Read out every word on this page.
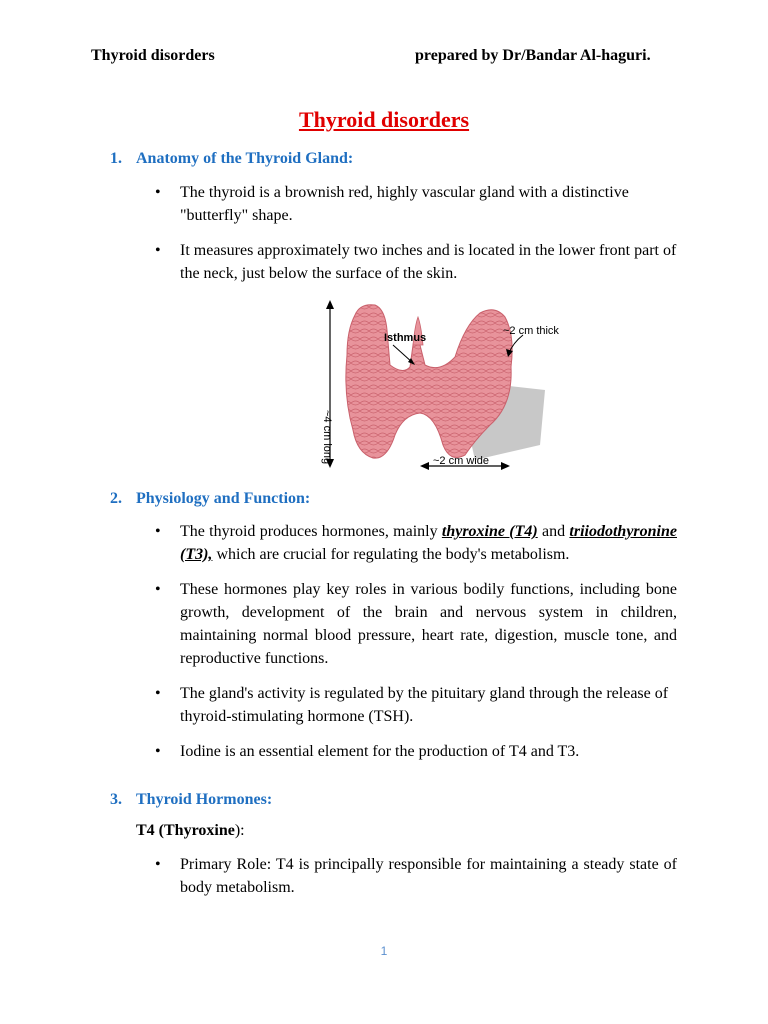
Thyroid disorders	prepared by Dr/Bandar Al-haguri.
Thyroid disorders
1. Anatomy of the Thyroid Gland:
• The thyroid is a brownish red, highly vascular gland with a distinctive "butterfly" shape.
• It measures approximately two inches and is located in the lower front part of the neck, just below the surface of the skin.
Isthmus
~2 cm thick
~2 cm wide
~4 cm long
2. Physiology and Function:
• The thyroid produces hormones, mainly thyroxine (T4) and triiodothyronine (T3), which are crucial for regulating the body's metabolism.
• These hormones play key roles in various bodily functions, including bone growth, development of the brain and nervous system in children, maintaining normal blood pressure, heart rate, digestion, muscle tone, and reproductive functions.
• The gland's activity is regulated by the pituitary gland through the release of thyroid-stimulating hormone (TSH).
• Iodine is an essential element for the production of T4 and T3.
3. Thyroid Hormones:
T4 (Thyroxine):
• Primary Role: T4 is principally responsible for maintaining a steady state of body metabolism.
1
